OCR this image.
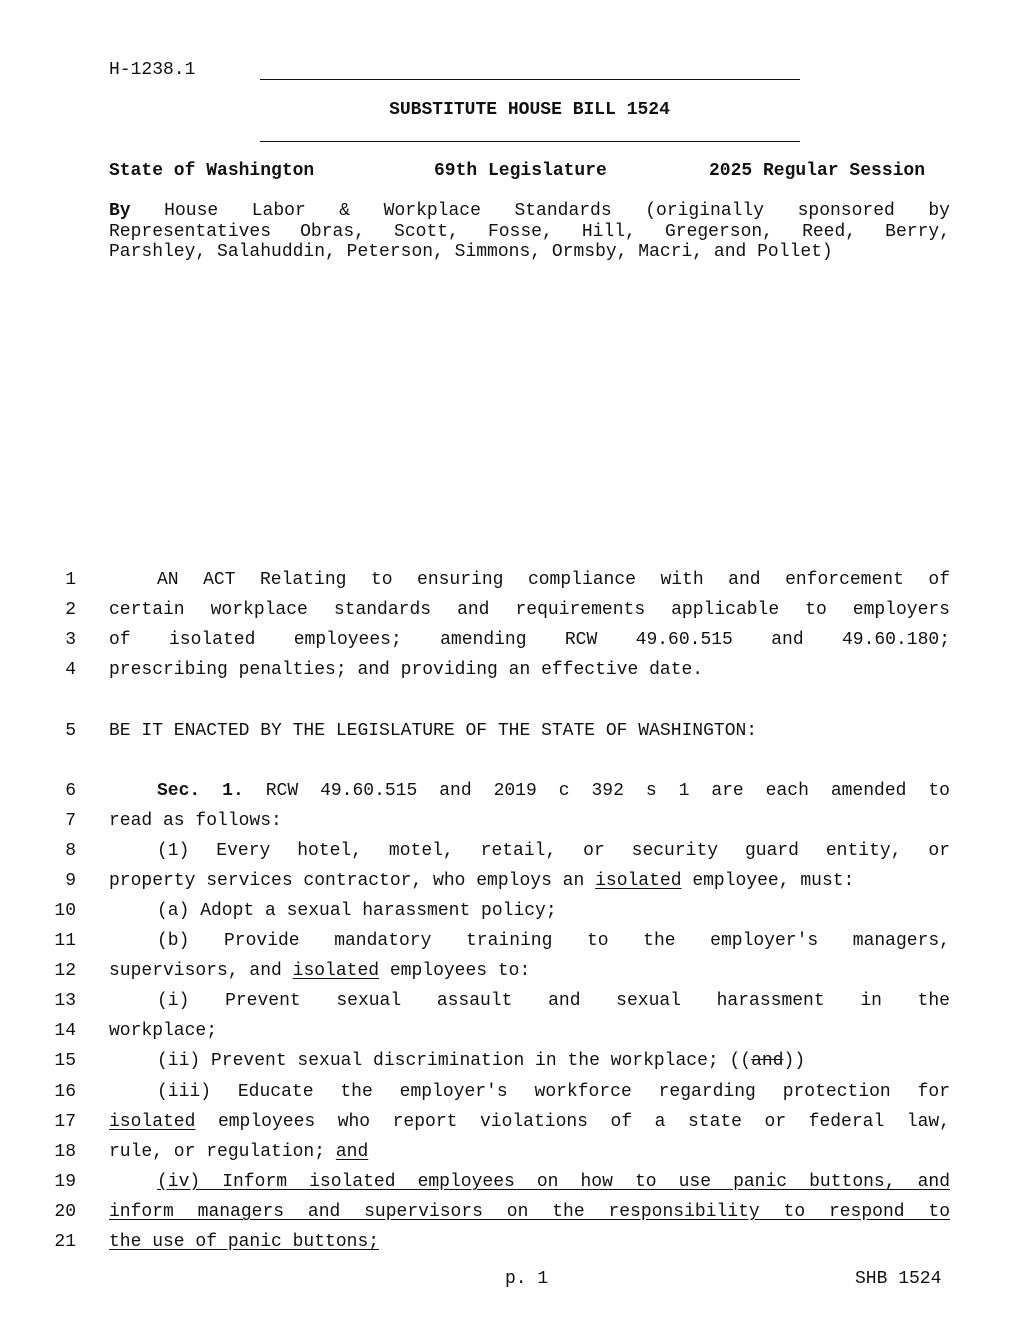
H-1238.1
SUBSTITUTE HOUSE BILL 1524
State of Washington	69th Legislature	2025 Regular Session
By House Labor & Workplace Standards (originally sponsored by
Representatives Obras, Scott, Fosse, Hill, Gregerson, Reed, Berry,
Parshley, Salahuddin, Peterson, Simmons, Ormsby, Macri, and Pollet)
1
2
3
4
5
6
7
8
9
10
11
12
13
14
15
16
17
18
19
20
21
AN ACT Relating to ensuring compliance with and enforcement of
certain workplace standards and requirements applicable to employers
of isolated employees; amending RCW 49.60.515 and 49.60.180;
prescribing penalties; and providing an effective date.
BE IT ENACTED BY THE LEGISLATURE OF THE STATE OF WASHINGTON:
Sec. 1. RCW 49.60.515 and 2019 c 392 s 1 are each amended to
read as follows:
(1) Every hotel, motel, retail, or security guard entity, or
property services contractor, who employs an isolated employee, must:
(a) Adopt a sexual harassment policy;
(b) Provide mandatory training to the employer's managers,
supervisors, and isolated employees to:
(i) Prevent sexual assault and sexual harassment in the
workplace;
(ii) Prevent sexual discrimination in the workplace; ((and))
(iii) Educate the employer's workforce regarding protection for
isolated employees who report violations of a state or federal law,
rule, or regulation; and
(iv) Inform isolated employees on how to use panic buttons, and
inform managers and supervisors on the responsibility to respond to
the use of panic buttons;
p. 1	SHB 1524
